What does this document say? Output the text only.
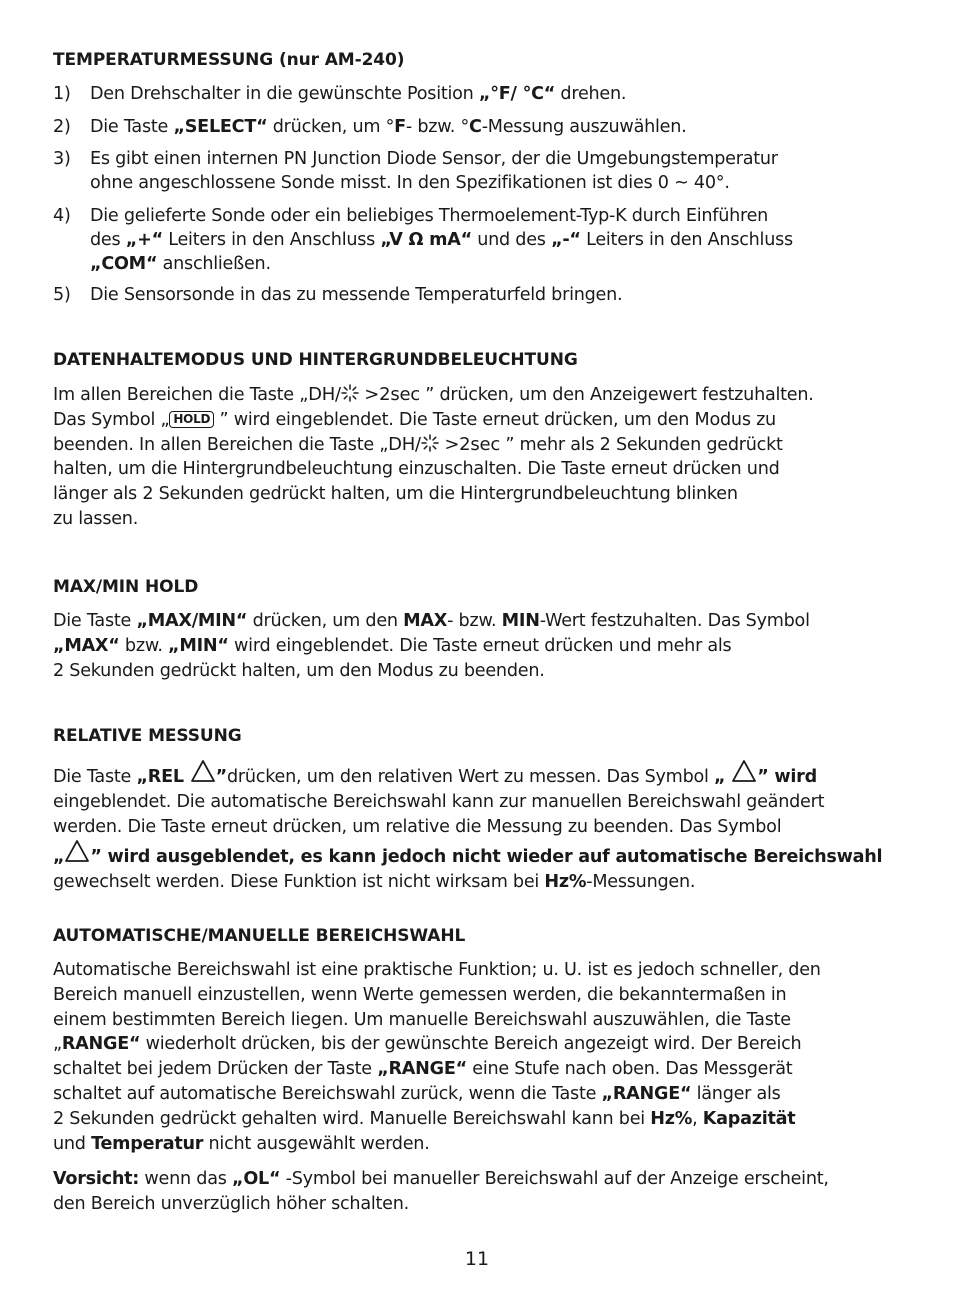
TEMPERATURMESSUNG (nur AM-240)
1) Den Drehschalter in die gewünschte Position „°F/ °C“ drehen.
2) Die Taste „SELECT“ drücken, um °F- bzw. °C-Messung auszuwählen.
3) Es gibt einen internen PN Junction Diode Sensor, der die Umgebungstemperatur
ohne angeschlossene Sonde misst. In den Spezifikationen ist dies 0 ~ 40°.
4) Die gelieferte Sonde oder ein beliebiges Thermoelement-Typ-K durch Einführen
des „+“ Leiters in den Anschluss „V Ω mA“ und des „-“ Leiters in den Anschluss
„COM“ anschließen.
5) Die Sensorsonde in das zu messende Temperaturfeld bringen.
DATENHALTEMODUS UND HINTERGRUNDBELEUCHTUNG
Im allen Bereichen die Taste „DH/ >2sec ” drücken, um den Anzeigewert festzuhalten.
Das Symbol „ HOLD ” wird eingeblendet. Die Taste erneut drücken, um den Modus zu
beenden. In allen Bereichen die Taste „DH/ >2sec ” mehr als 2 Sekunden gedrückt
halten, um die Hintergrundbeleuchtung einzuschalten. Die Taste erneut drücken und
länger als 2 Sekunden gedrückt halten, um die Hintergrundbeleuchtung blinken
zu lassen.
MAX/MIN HOLD
Die Taste „MAX/MIN“ drücken, um den MAX- bzw. MIN-Wert festzuhalten. Das Symbol
„MAX“ bzw. „MIN“ wird eingeblendet. Die Taste erneut drücken und mehr als
2 Sekunden gedrückt halten, um den Modus zu beenden.
RELATIVE MESSUNG
Die Taste „REL ”drücken, um den relativen Wert zu messen. Das Symbol „ ” wird
eingeblendet. Die automatische Bereichswahl kann zur manuellen Bereichswahl geändert
werden. Die Taste erneut drücken, um relative die Messung zu beenden. Das Symbol
„ ” wird ausgeblendet, es kann jedoch nicht wieder auf automatische Bereichswahl
gewechselt werden. Diese Funktion ist nicht wirksam bei Hz%-Messungen.
AUTOMATISCHE/MANUELLE BEREICHSWAHL
Automatische Bereichswahl ist eine praktische Funktion; u. U. ist es jedoch schneller, den
Bereich manuell einzustellen, wenn Werte gemessen werden, die bekanntermaßen in
einem bestimmten Bereich liegen. Um manuelle Bereichswahl auszuwählen, die Taste
„RANGE“ wiederholt drücken, bis der gewünschte Bereich angezeigt wird. Der Bereich
schaltet bei jedem Drücken der Taste „RANGE“ eine Stufe nach oben. Das Messgerät
schaltet auf automatische Bereichswahl zurück, wenn die Taste „RANGE“ länger als
2 Sekunden gedrückt gehalten wird. Manuelle Bereichswahl kann bei Hz%, Kapazität
und Temperatur nicht ausgewählt werden.
Vorsicht: wenn das „OL“ -Symbol bei manueller Bereichswahl auf der Anzeige erscheint,
den Bereich unverzüglich höher schalten.
11
